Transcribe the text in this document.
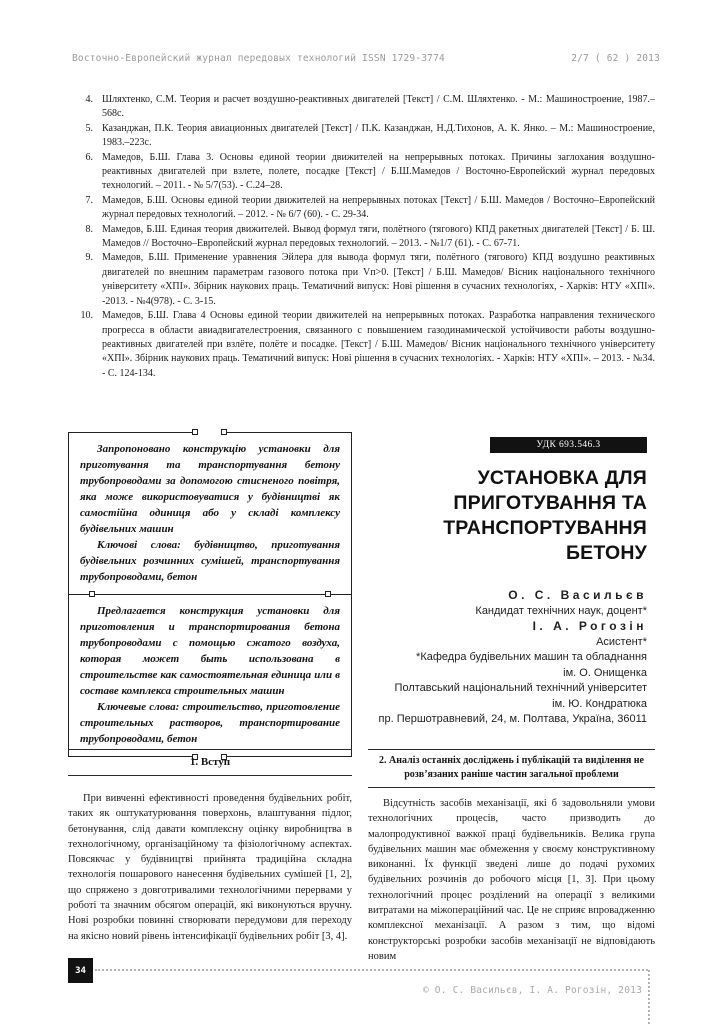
Восточно-Европейский журнал передовых технологий ISSN 1729-3774	2/7 ( 62 ) 2013
4. Шляхтенко, С.М. Теория и расчет воздушно-реактивных двигателей [Текст] / С.М. Шляхтенко. - М.: Машиностроение, 1987.–568с.
5. Казанджан, П.К. Теория авиационных двигателей [Текст] / П.К. Казанджан, Н.Д.Тихонов, А. К. Янко. – М.: Машиностроение, 1983.–223с.
6. Мамедов, Б.Ш. Глава 3. Основы единой теории движителей на непрерывных потоках. Причины заглохания воздушно-реактивных двигателей при взлете, полете, посадке [Текст] / Б.Ш.Мамедов / Восточно-Европейский журнал передовых технологий. – 2011. - № 5/7(53). - С.24–28.
7. Мамедов, Б.Ш. Основы единой теории движителей на непрерывных потоках [Текст] / Б.Ш. Мамедов / Восточно–Европейский журнал передовых технологий. – 2012. - № 6/7 (60). - С. 29-34.
8. Мамедов, Б.Ш. Единая теория движителей. Вывод формул тяги, полётного (тягового) КПД ракетных двигателей [Текст] / Б. Ш. Мамедов // Восточно–Европейский журнал передовых технологий. – 2013. - №1/7 (61). - С. 67-71.
9. Мамедов, Б.Ш. Применение уравнения Эйлера для вывода формул тяги, полётного (тягового) КПД воздушно реактивных двигателей по внешним параметрам газового потока при Vп>0. [Текст] / Б.Ш. Мамедов/ Вісник національного технічного університету «ХПІ». Збірник наукових праць. Тематичний випуск: Нові рішення в сучасних технологіях, - Харків: НТУ «ХПІ». -2013. - №4(978). - С. 3-15.
10. Мамедов, Б.Ш. Глава 4 Основы единой теории движителей на непрерывных потоках. Разработка направления технического прогресса в области авиадвигателестроения, связанного с повышением газодинамической устойчивости работы воздушно-реактивных двигателей при взлёте, полёте и посадке. [Текст] / Б.Ш. Мамедов/ Вісник національного технічного університету «ХПІ». Збірник наукових праць. Тематичний випуск: Нові рішення в сучасних технологіях. - Харків: НТУ «ХПІ». – 2013. - №34. - С. 124-134.

Запропоновано конструкцію установки для приготування та транспортування бетону трубопроводами за допомогою стисненого повітря, яка може використовуватися у будівництві як самостійна одиниця або у складі комплексу будівельних машин

Ключові слова: будівництво, приготування будівельних розчинних сумішей, транспортування трубопроводами, бетон

Предлагается конструкция установки для приготовления и транспортирования бетона трубопроводами с помощью сжатого воздуха, которая может быть использована в строительстве как самостоятельная единица или в составе комплекса строительных машин

Ключевые слова: строительство, приготовление строительных растворов, транспортирование трубопроводами, бетон

УДК 693.546.3
УСТАНОВКА ДЛЯ ПРИГОТУВАННЯ ТА ТРАНСПОРТУВАННЯ БЕТОНУ
О. С. Васильєв
Кандидат технічних наук, доцент*
І. А. Рогозін
Асистент*
*Кафедра будівельних машин та обладнання
ім. О. Онищенка
Полтавський національний технічний університет
ім. Ю. Кондратюка
пр. Першотравневий, 24, м. Полтава, Україна, 36011
1. Вступ	2. Аналіз останніх досліджень і публікацій та виділення не розв’язаних раніше частин загальної проблеми

При вивченні ефективності проведення будівельних робіт, таких як оштукатурювання поверхонь, влаштування підлог, бетонування, слід давати комплексну оцінку виробництва в технологічному, організаційному та фізіологічному аспектах. Повсякчас у будівництві прийнята традиційна складна технологія пошарового нанесення будівельних сумішей [1, 2], що спряжено з довготривалими технологічними перервами у роботі та значним обсягом операцій, які виконуються вручну. Нові розробки повинні створювати передумови для переходу на якісно новий рівень інтенсифікації будівельних робіт [3, 4].

Відсутність засобів механізації, які б задовольняли умови технологічних процесів, часто призводить до малопродуктивної важкої праці будівельників. Велика група будівельних машин має обмеження у своєму конструктивному виконанні. Їх функції зведені лише до подачі рухомих будівельних розчинів до робочого місця [1, 3]. При цьому технологічний процес розділений на операції з великими витратами на міжопераційний час. Це не сприяє впровадженню комплексної механізації. А разом з тим, що відомі конструкторські розробки засобів механізації не відповідають новим

34
© О. С. Васильєв, І. А. Рогозін, 2013
